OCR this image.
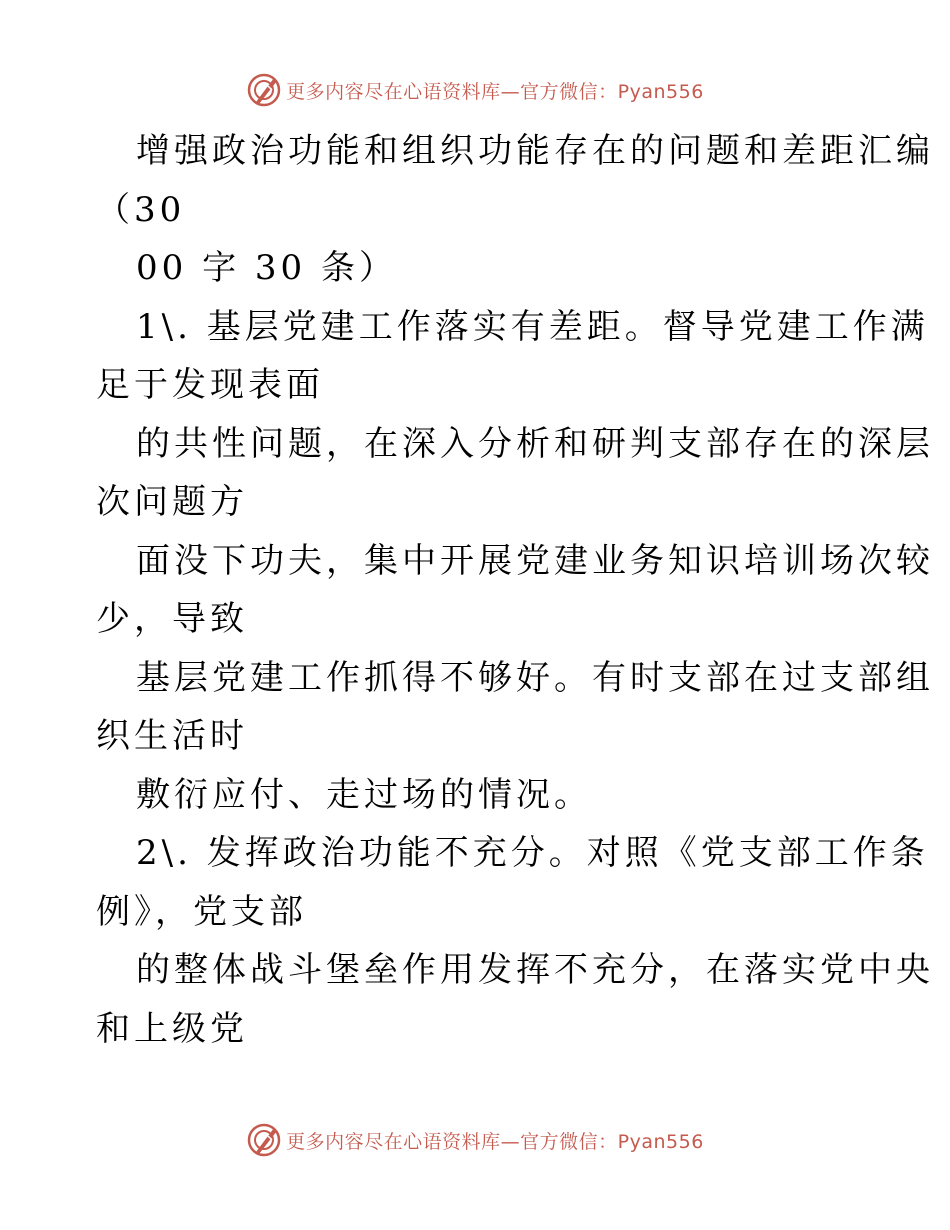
更多内容尽在心语资料库—官方微信：Pyan556
增强政治功能和组织功能存在的问题和差距汇编
（30
00 字 30 条）
1\. 基层党建工作落实有差距。督导党建工作满
足于发现表面
的共性问题，在深入分析和研判支部存在的深层
次问题方
面没下功夫，集中开展党建业务知识培训场次较
少，导致
基层党建工作抓得不够好。有时支部在过支部组
织生活时
敷衍应付、走过场的情况。
2\. 发挥政治功能不充分。对照《党支部工作条
例》，党支部
的整体战斗堡垒作用发挥不充分，在落实党中央
和上级党
更多内容尽在心语资料库—官方微信：Pyan556
